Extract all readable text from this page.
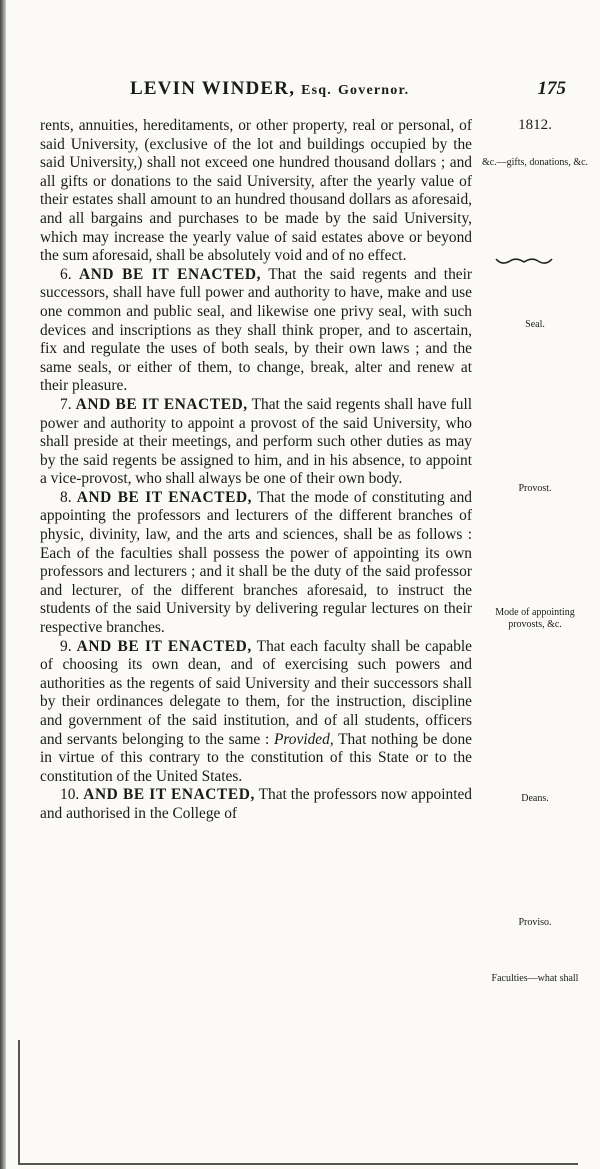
LEVIN WINDER, Esq. Governor.	175

rents, annuities, hereditaments, or other property, real or personal, of said University, (exclusive of the lot and buildings occupied by the said University,) shall not exceed one hundred thousand dollars ; and all gifts or donations to the said University, after the yearly value of their estates shall amount to an hundred thousand dollars as aforesaid, and all bargains and purchases to be made by the said University, which may increase the yearly value of said estates above or beyond the sum aforesaid, shall be absolutely void and of no effect.

6. AND BE IT ENACTED, That the said regents and their successors, shall have full power and authority to have, make and use one common and public seal, and likewise one privy seal, with such devices and inscriptions as they shall think proper, and to ascertain, fix and regulate the uses of both seals, by their own laws ; and the same seals, or either of them, to change, break, alter and renew at their pleasure.

7. AND BE IT ENACTED, That the said regents shall have full power and authority to appoint a provost of the said University, who shall preside at their meetings, and perform such other duties as may by the said regents be assigned to him, and in his absence, to appoint a vice-provost, who shall always be one of their own body.

8. AND BE IT ENACTED, That the mode of constituting and appointing the professors and lecturers of the different branches of physic, divinity, law, and the arts and sciences, shall be as follows : Each of the faculties shall possess the power of appointing its own professors and lecturers ; and it shall be the duty of the said professor and lecturer, of the different branches aforesaid, to instruct the students of the said University by delivering regular lectures on their respective branches.

9. AND BE IT ENACTED, That each faculty shall be capable of choosing its own dean, and of exercising such powers and authorities as the regents of said University and their successors shall by their ordinances delegate to them, for the instruction, discipline and government of the said institution, and of all students, officers and servants belonging to the same : Provided, That nothing be done in virtue of this contrary to the constitution of this State or to the constitution of the United States.

10. AND BE IT ENACTED, That the professors now appointed and authorised in the College of

1812.
&c.—gifts, donations, &c.
Seal.
Provost.
Mode of appointing provosts, &c.
Deans.
Proviso.
Faculties—what shall
